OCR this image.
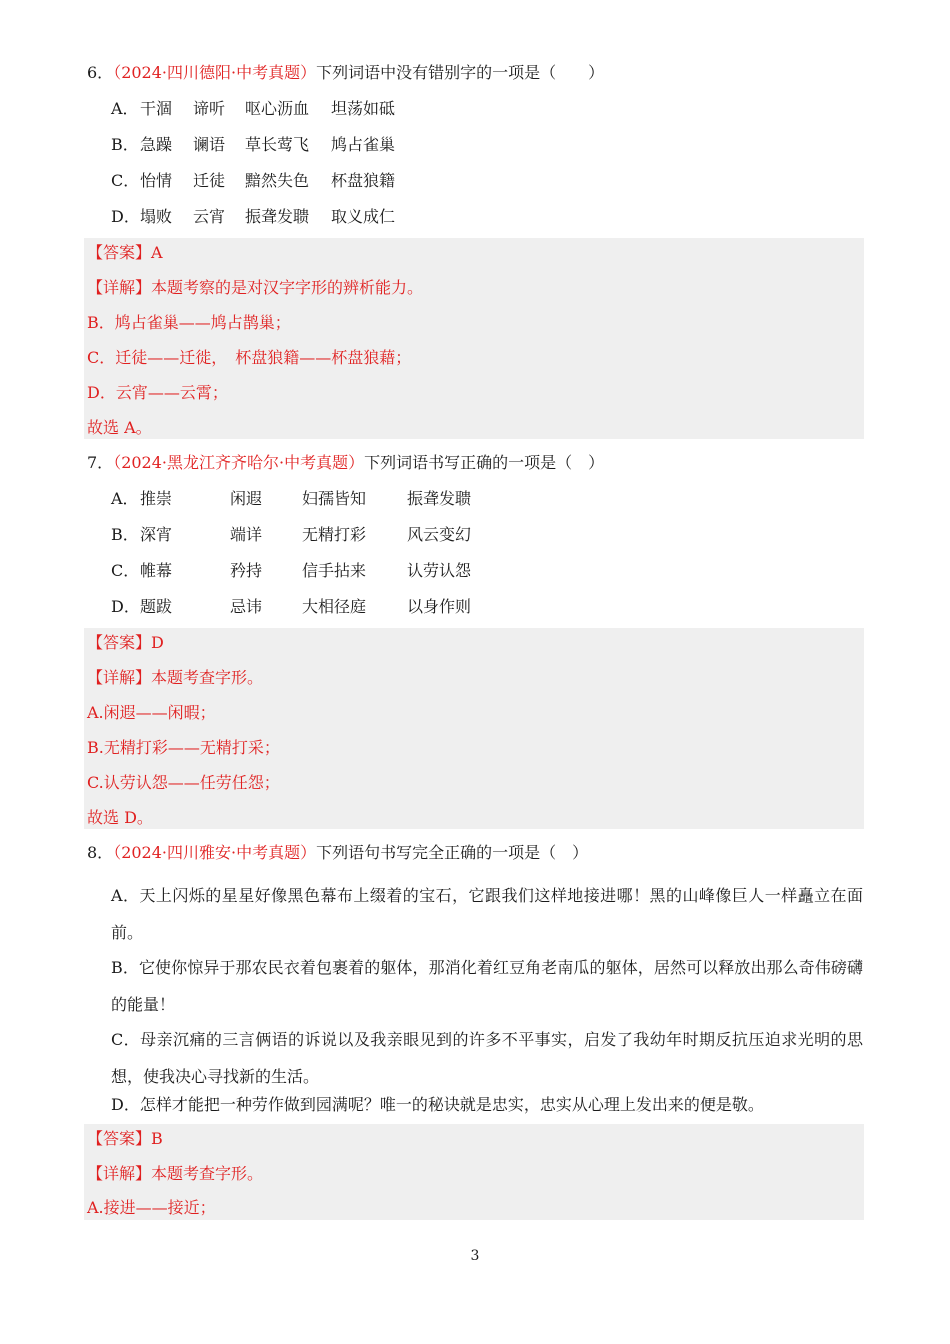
6．（2024·四川德阳·中考真题）下列词语中没有错别字的一项是（　　）
A． 干涸 谛听 呕心沥血 坦荡如砥
B． 急躁 谰语 草长莺飞 鸠占雀巢
C． 怡情 迁徒 黯然失色 杯盘狼籍
D． 塌败 云宵 振聋发聩 取义成仁
【答案】A
【详解】本题考察的是对汉字字形的辨析能力。
B．鸠占雀巢——鸠占鹊巢；
C．迁徒——迁徙，　杯盘狼籍——杯盘狼藉；
D．云宵——云霄；
故选 A。
7．（2024·黑龙江齐齐哈尔·中考真题）下列词语书写正确的一项是（　）
A． 推崇	闲遐 妇孺皆知	振聋发聩
B． 深宵	端详 无精打彩	风云变幻
C． 帷幕	矜持 信手拈来	认劳认怨
D． 题跋	忌讳 大相径庭	以身作则
【答案】D
【详解】本题考查字形。
A.闲遐——闲暇；
B.无精打彩——无精打采；
C.认劳认怨——任劳任怨；
故选 D。
8．（2024·四川雅安·中考真题）下列语句书写完全正确的一项是（　）
A．天上闪烁的星星好像黑色幕布上缀着的宝石，它跟我们这样地接进哪！黑的山峰像巨人一样矗立在面前。
B．它使你惊异于那农民衣着包裹着的躯体，那消化着红豆角老南瓜的躯体，居然可以释放出那么奇伟磅礴的能量！
C．母亲沉痛的三言俩语的诉说以及我亲眼见到的许多不平事实，启发了我幼年时期反抗压迫求光明的思想，使我决心寻找新的生活。
D．怎样才能把一种劳作做到园满呢？唯一的秘诀就是忠实，忠实从心理上发出来的便是敬。
【答案】B
【详解】本题考查字形。
A.接进——接近；
3
